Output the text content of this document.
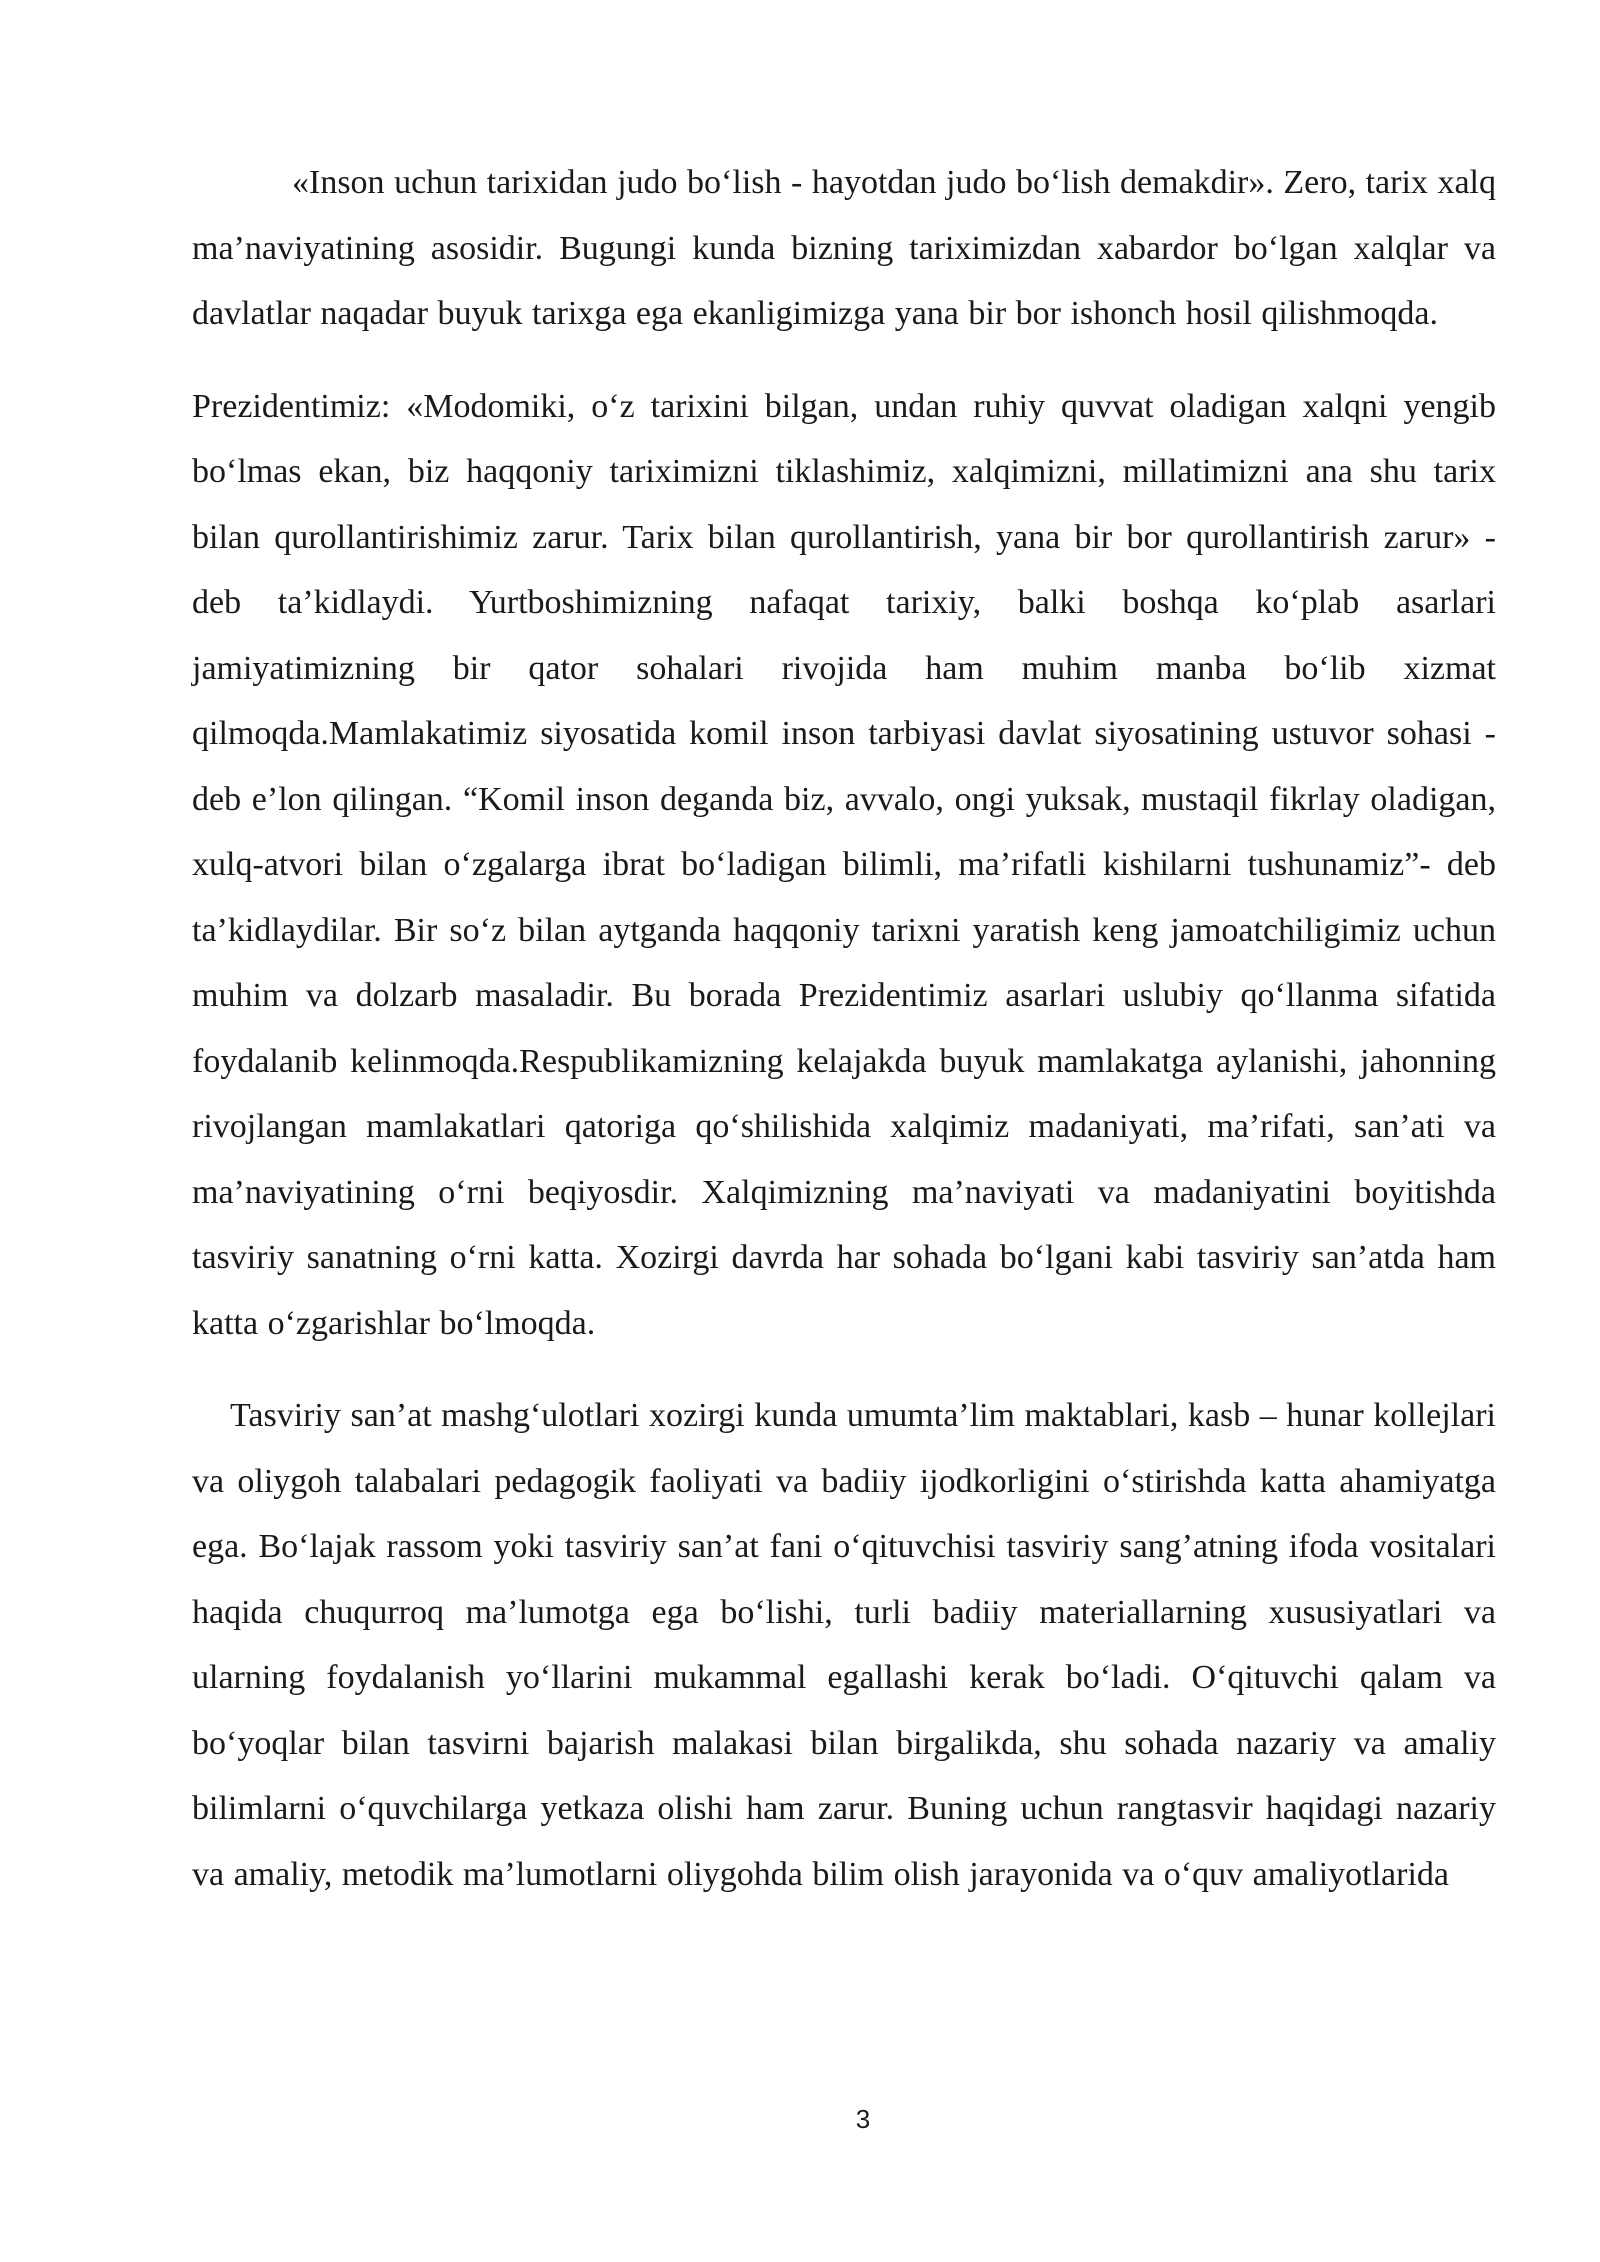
«Inson uchun tarixidan judo bo‘lish - hayotdan judo bo‘lish demakdir». Zero, tarix xalq ma’naviyatining asosidir. Bugungi kunda bizning tariximizdan xabardor bo‘lgan xalqlar va davlatlar naqadar buyuk tarixga ega ekanligimizga yana bir bor ishonch hosil qilishmoqda.

Prezidentimiz: «Modomiki, o‘z tarixini bilgan, undan ruhiy quvvat oladigan xalqni yengib bo‘lmas ekan, biz haqqoniy tariximizni tiklashimiz, xalqimizni, millatimizni ana shu tarix bilan qurollantirishimiz zarur. Tarix bilan qurollantirish, yana bir bor qurollantirish zarur» - deb ta’kidlaydi. Yurtboshimizning nafaqat tarixiy, balki boshqa ko‘plab asarlari jamiyatimizning bir qator sohalari rivojida ham muhim manba bo‘lib xizmat qilmoqda.Mamlakatimiz siyosatida komil inson tarbiyasi davlat siyosatining ustuvor sohasi - deb e’lon qilingan. “Komil inson deganda biz, avvalo, ongi yuksak, mustaqil fikrlay oladigan, xulq-atvori bilan o‘zgalarga ibrat bo‘ladigan bilimli, ma’rifatli kishilarni tushunamiz”- deb ta’kidlaydilar. Bir so‘z bilan aytganda haqqoniy tarixni yaratish keng jamoatchiligimiz uchun muhim va dolzarb masaladir. Bu borada Prezidentimiz asarlari uslubiy qo‘llanma sifatida foydalanib kelinmoqda.Respublikamizning kelajakda buyuk mamlakatga aylanishi, jahonning rivojlangan mamlakatlari qatoriga qo‘shilishida xalqimiz madaniyati, ma’rifati, san’ati va ma’naviyatining o‘rni beqiyosdir. Xalqimizning ma’naviyati va madaniyatini boyitishda tasviriy sanatning o‘rni katta. Xozirgi davrda har sohada bo‘lgani kabi tasviriy san’atda ham katta o‘zgarishlar bo‘lmoqda.

Tasviriy san’at mashg‘ulotlari xozirgi kunda umumta’lim maktablari, kasb – hunar kollejlari va oliygoh talabalari pedagogik faoliyati va badiiy ijodkorligini o‘stirishda katta ahamiyatga ega. Bo‘lajak rassom yoki tasviriy san’at fani o‘qituvchisi tasviriy sang’atning ifoda vositalari haqida chuqurroq ma’lumotga ega bo‘lishi, turli badiiy materiallarning xususiyatlari va ularning foydalanish yo‘llarini mukammal egallashi kerak bo‘ladi. O‘qituvchi qalam va bo‘yoqlar bilan tasvirni bajarish malakasi bilan birgalikda, shu sohada nazariy va amaliy bilimlarni o‘quvchilarga yetkaza olishi ham zarur. Buning uchun rangtasvir haqidagi nazariy va amaliy, metodik ma’lumotlarni oliygohda bilim olish jarayonida va o‘quv amaliyotlarida

3
